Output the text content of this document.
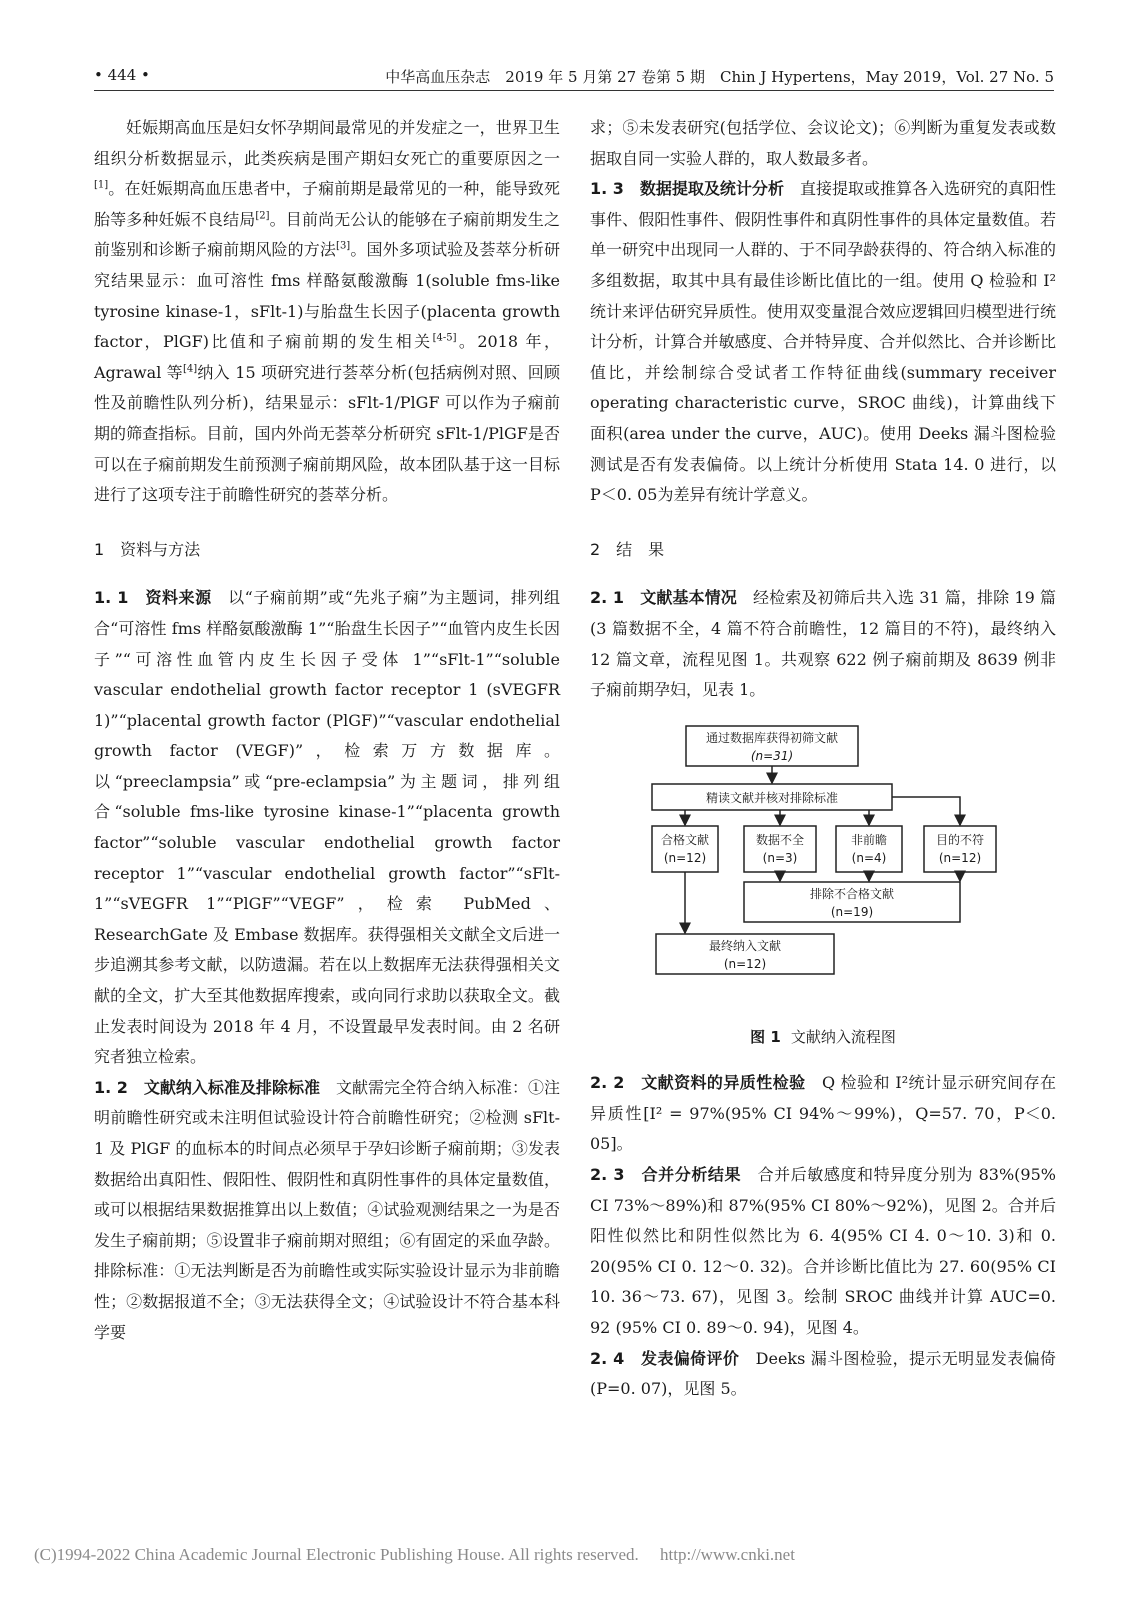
• 444 •	中华高血压杂志　2019 年 5 月第 27 卷第 5 期　Chin J Hypertens，May 2019，Vol. 27 No. 5

妊娠期高血压是妇女怀孕期间最常见的并发症之一，世界卫生组织分析数据显示，此类疾病是围产期妇女死亡的重要原因之一[1]。在妊娠期高血压患者中，子痫前期是最常见的一种，能导致死胎等多种妊娠不良结局[2]。目前尚无公认的能够在子痫前期发生之前鉴别和诊断子痫前期风险的方法[3]。国外多项试验及荟萃分析研究结果显示：血可溶性 fms 样酪氨酸激酶 1(soluble fms-like tyrosine kinase-1，sFlt-1)与胎盘生长因子(placenta growth factor，PlGF)比值和子痫前期的发生相关[4-5]。2018 年，Agrawal 等[4]纳入 15 项研究进行荟萃分析(包括病例对照、回顾性及前瞻性队列分析)，结果显示：sFlt-1/PlGF 可以作为子痫前期的筛查指标。目前，国内外尚无荟萃分析研究 sFlt-1/PlGF是否可以在子痫前期发生前预测子痫前期风险，故本团队基于这一目标进行了这项专注于前瞻性研究的荟萃分析。

1　资料与方法

1. 1　资料来源　以“子痫前期”或“先兆子痫”为主题词，排列组合“可溶性 fms 样酪氨酸激酶 1”“胎盘生长因子”“血管内皮生长因子”“可溶性血管内皮生长因子受体 1”“sFlt-1”“soluble vascular endothelial growth factor receptor 1 (sVEGFR 1)”“placental growth factor (PlGF)”“vascular endothelial growth factor (VEGF)”，检索万方数据库。以“preeclampsia”或“pre-eclampsia”为主题词，排列组合“soluble fms-like tyrosine kinase-1”“placenta growth factor”“soluble vascular endothelial growth factor receptor 1”“vascular endothelial growth factor”“sFlt-1”“sVEGFR 1”“PlGF”“VEGF”，检索 PubMed、ResearchGate 及 Embase 数据库。获得强相关文献全文后进一步追溯其参考文献，以防遗漏。若在以上数据库无法获得强相关文献的全文，扩大至其他数据库搜索，或向同行求助以获取全文。截止发表时间设为 2018 年 4 月，不设置最早发表时间。由 2 名研究者独立检索。

1. 2　文献纳入标准及排除标准　文献需完全符合纳入标准：①注明前瞻性研究或未注明但试验设计符合前瞻性研究；②检测 sFlt-1 及 PlGF 的血标本的时间点必须早于孕妇诊断子痫前期；③发表数据给出真阳性、假阳性、假阴性和真阴性事件的具体定量数值，或可以根据结果数据推算出以上数值；④试验观测结果之一为是否发生子痫前期；⑤设置非子痫前期对照组；⑥有固定的采血孕龄。排除标准：①无法判断是否为前瞻性或实际实验设计显示为非前瞻性；②数据报道不全；③无法获得全文；④试验设计不符合基本科学要

求；⑤未发表研究(包括学位、会议论文)；⑥判断为重复发表或数据取自同一实验人群的，取人数最多者。

1. 3　数据提取及统计分析　直接提取或推算各入选研究的真阳性事件、假阳性事件、假阴性事件和真阴性事件的具体定量数值。若单一研究中出现同一人群的、于不同孕龄获得的、符合纳入标准的多组数据，取其中具有最佳诊断比值比的一组。使用 Q 检验和 I² 统计来评估研究异质性。使用双变量混合效应逻辑回归模型进行统计分析，计算合并敏感度、合并特异度、合并似然比、合并诊断比值比，并绘制综合受试者工作特征曲线(summary receiver operating characteristic curve，SROC 曲线)，计算曲线下面积(area under the curve，AUC)。使用 Deeks 漏斗图检验测试是否有发表偏倚。以上统计分析使用 Stata 14. 0 进行，以 P＜0. 05为差异有统计学意义。

2　结　果

2. 1　文献基本情况　经检索及初筛后共入选 31 篇，排除 19 篇(3 篇数据不全，4 篇不符合前瞻性，12 篇目的不符)，最终纳入 12 篇文章，流程见图 1。共观察 622 例子痫前期及 8639 例非子痫前期孕妇，见表 1。

通过数据库获得初筛文献
(n=31)
精读文献并核对排除标准
合格文献
(n=12)
数据不全
(n=3)
非前瞻
(n=4)
目的不符
(n=12)
排除不合格文献
(n=19)
最终纳入文献
(n=12)

图 1 文献纳入流程图

2. 2　文献资料的异质性检验　Q 检验和 I²统计显示研究间存在异质性[I² = 97%(95% CI 94%～99%)，Q=57. 70，P＜0. 05]。

2. 3　合并分析结果　合并后敏感度和特异度分别为 83%(95% CI 73%～89%)和 87%(95% CI 80%～92%)，见图 2。合并后阳性似然比和阴性似然比为 6. 4(95% CI 4. 0～10. 3)和 0. 20(95% CI 0. 12～0. 32)。合并诊断比值比为 27. 60(95% CI 10. 36～73. 67)，见图 3。绘制 SROC 曲线并计算 AUC=0. 92 (95% CI 0. 89～0. 94)，见图 4。

2. 4　发表偏倚评价　Deeks 漏斗图检验，提示无明显发表偏倚(P=0. 07)，见图 5。

(C)1994-2022 China Academic Journal Electronic Publishing House. All rights reserved.　 http://www.cnki.net
